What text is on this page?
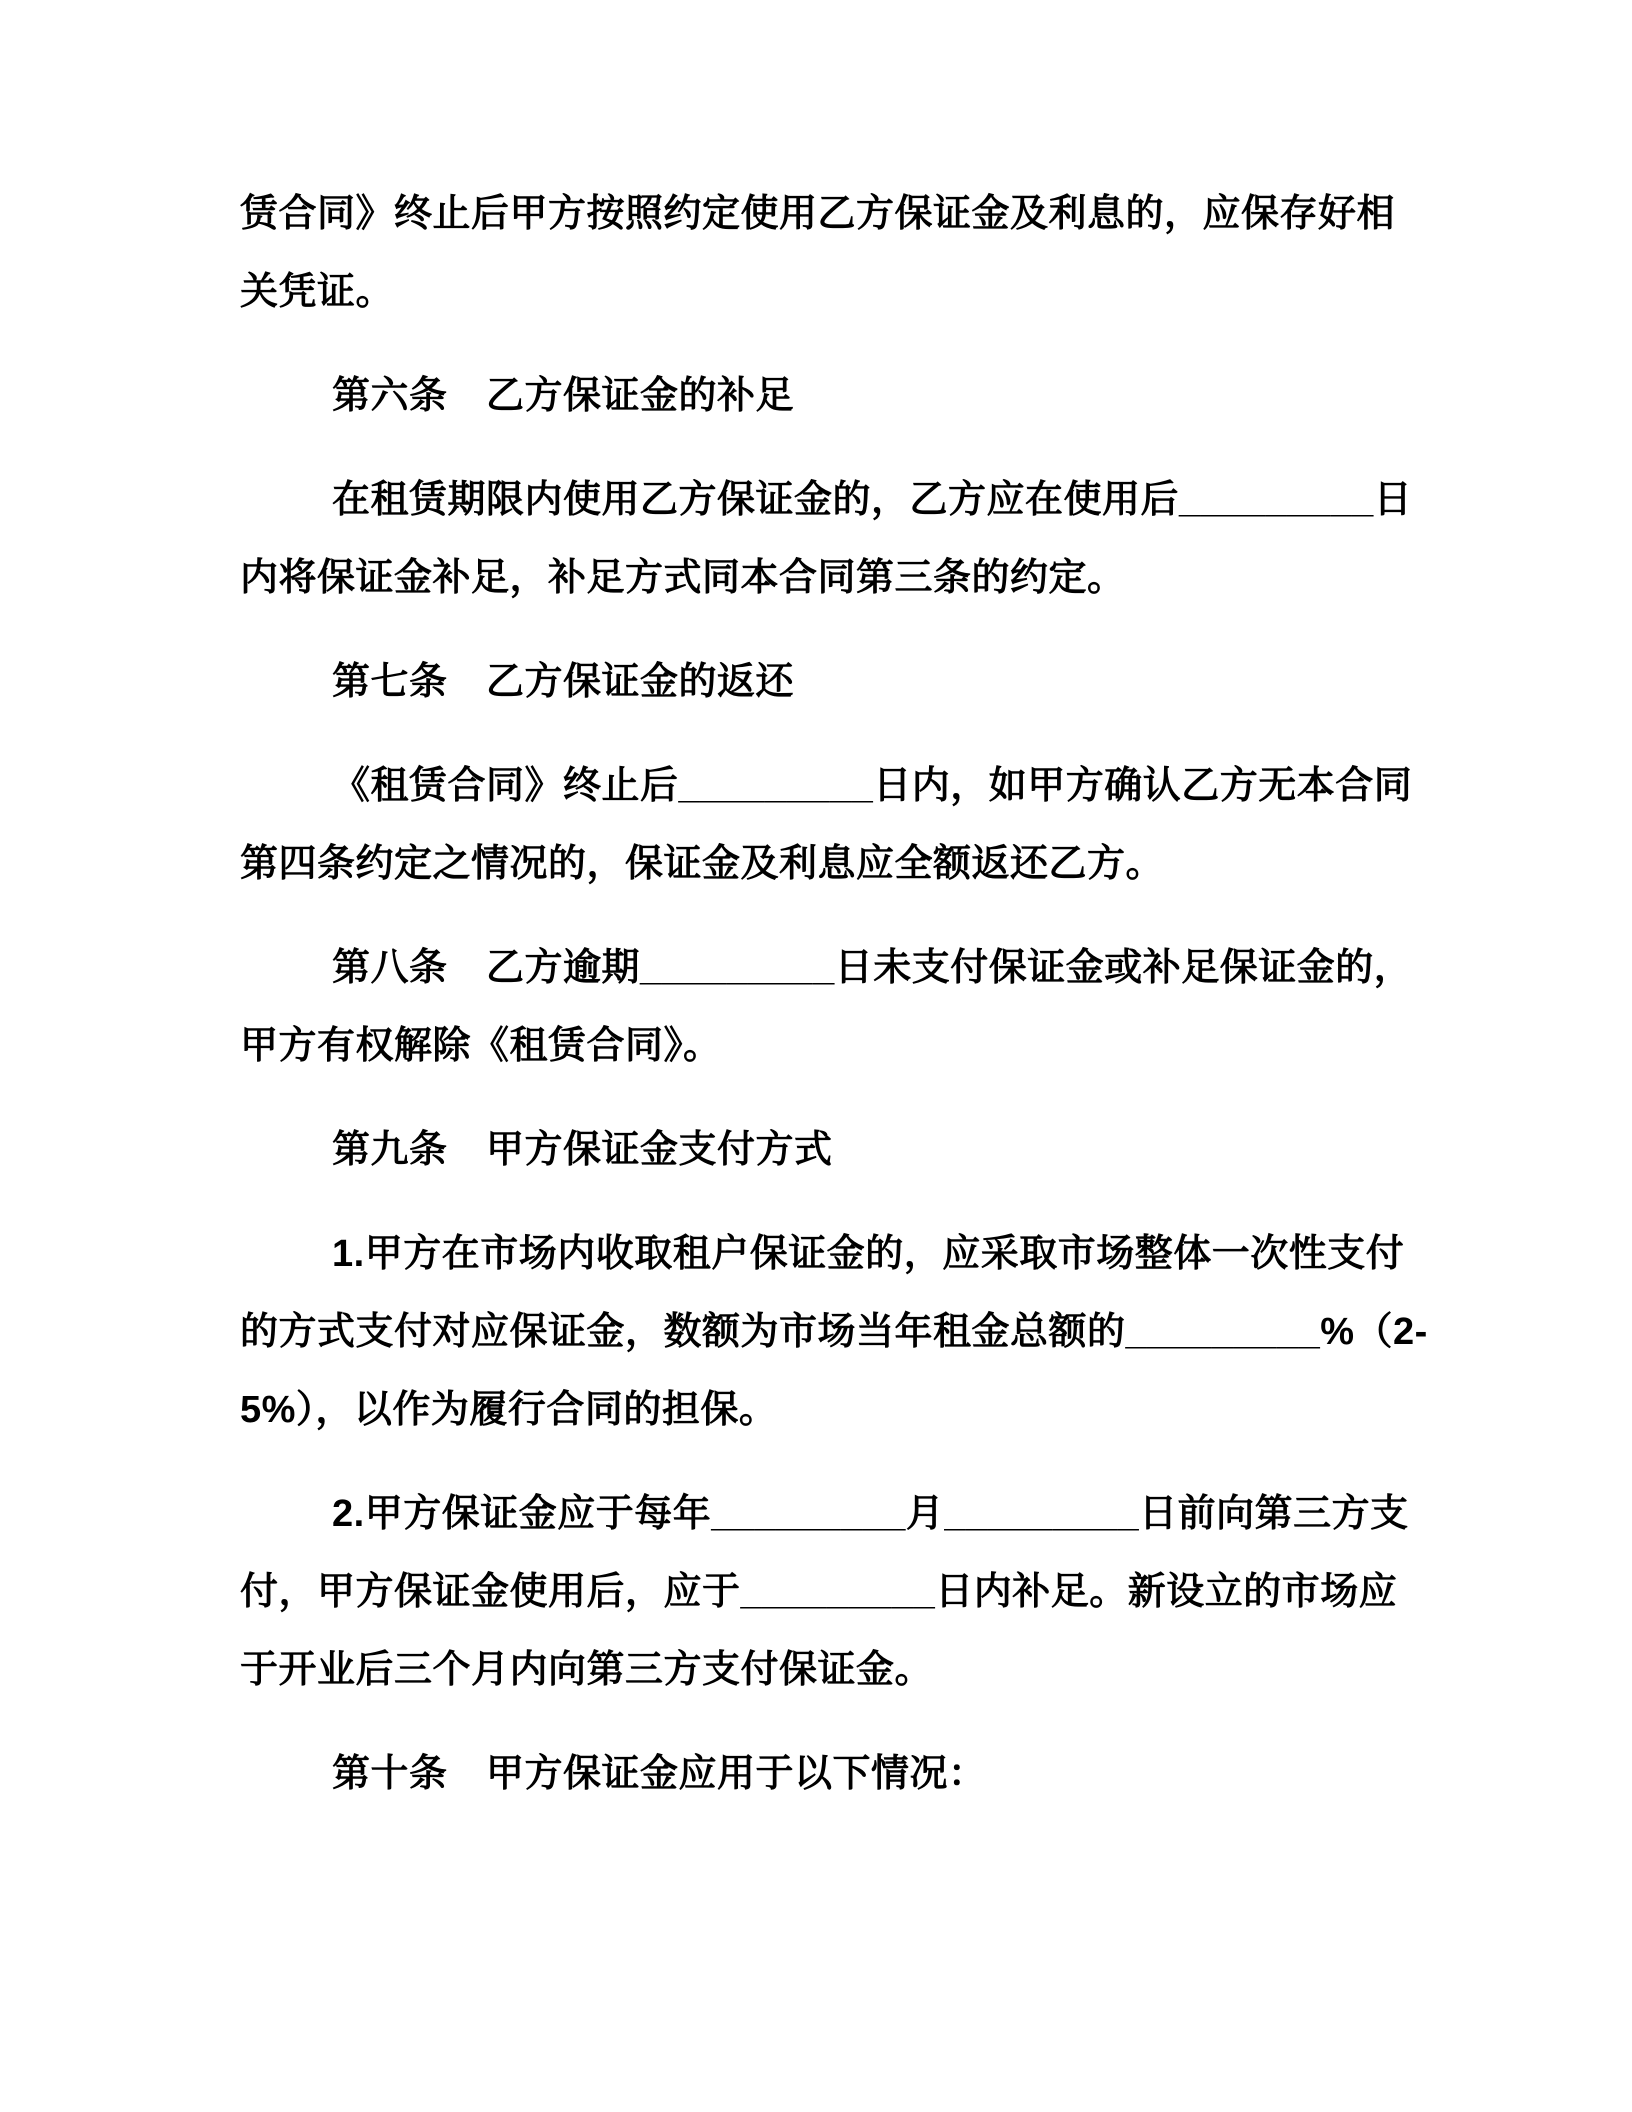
赁合同》终止后甲方按照约定使用乙方保证金及利息的，应保存好相
关凭证。
第六条　乙方保证金的补足
在租赁期限内使用乙方保证金的，乙方应在使用后_________日
内将保证金补足，补足方式同本合同第三条的约定。
第七条　乙方保证金的返还
《租赁合同》终止后_________日内，如甲方确认乙方无本合同
第四条约定之情况的，保证金及利息应全额返还乙方。
第八条　乙方逾期_________日未支付保证金或补足保证金的，
甲方有权解除《租赁合同》。
第九条　甲方保证金支付方式
1.甲方在市场内收取租户保证金的，应采取市场整体一次性支付
的方式支付对应保证金，数额为市场当年租金总额的_________%（2-
5%），以作为履行合同的担保。
2.甲方保证金应于每年_________月_________日前向第三方支
付，甲方保证金使用后，应于_________日内补足。新设立的市场应
于开业后三个月内向第三方支付保证金。
第十条　甲方保证金应用于以下情况：
